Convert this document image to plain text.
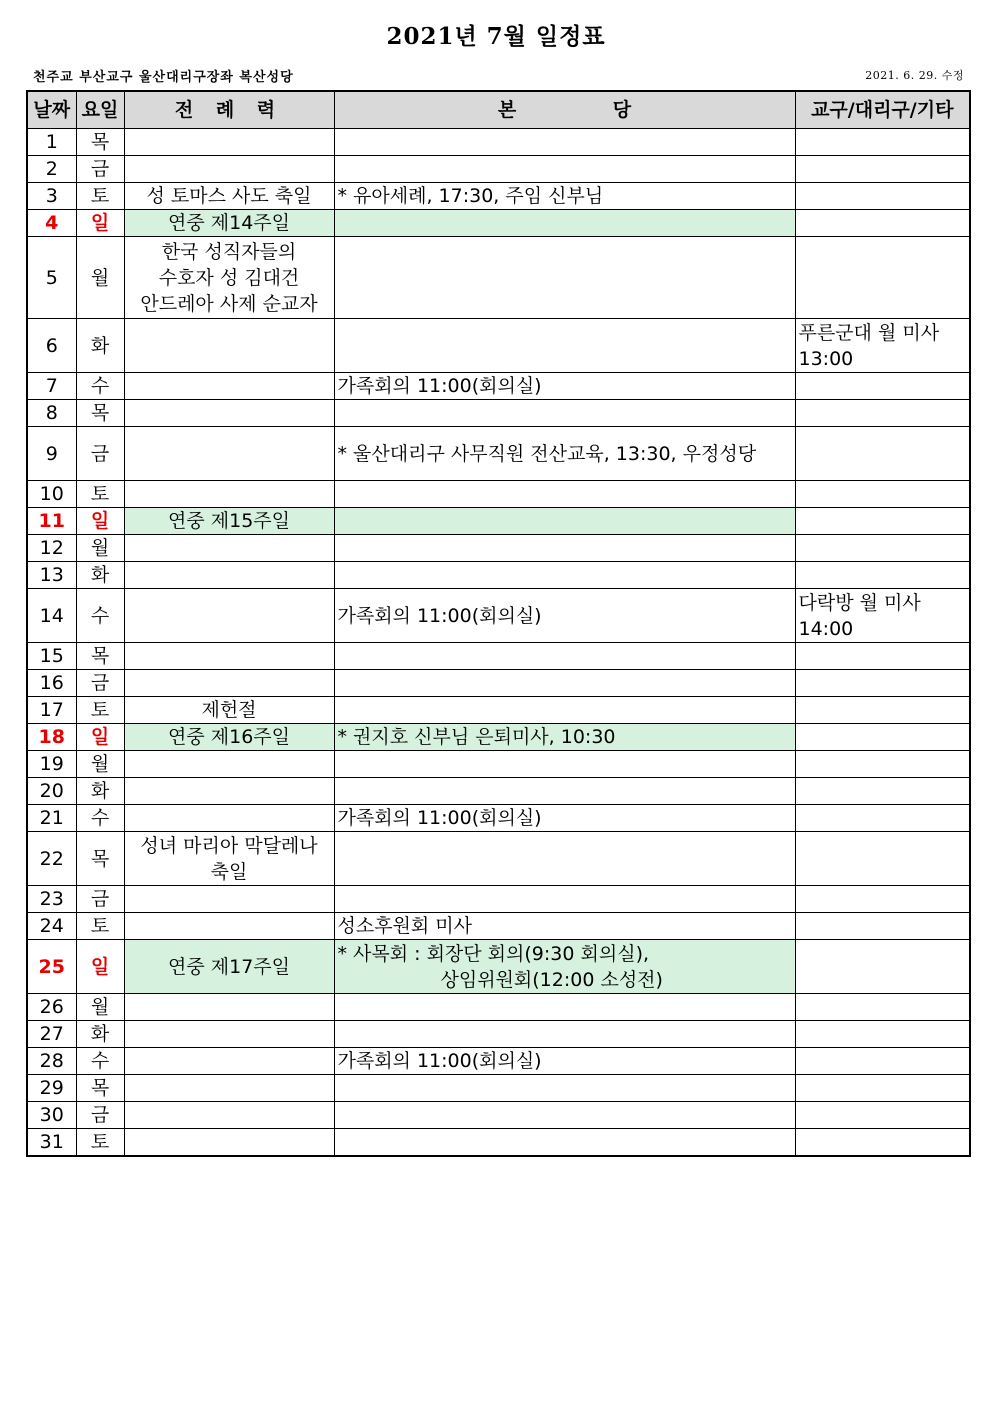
2021년 7월 일정표
천주교 부산교구 울산대리구장좌 복산성당	2021. 6. 29. 수정
날짜	요일	전 례 력	본 당	교구/대리구/기타
1	목			
2	금			
3	토	성 토마스 사도 축일	* 유아세례, 17:30, 주임 신부님	
4	일	연중 제14주일		
5	월	한국 성직자들의
수호자 성 김대건
안드레아 사제 순교자		
6	화			푸른군대 월 미사
13:00
7	수		가족회의 11:00(회의실)	
8	목			
9	금		* 울산대리구 사무직원 전산교육, 13:30, 우정성당	
10	토			
11	일	연중 제15주일		
12	월			
13	화			
14	수		가족회의 11:00(회의실)	다락방 월 미사
14:00
15	목			
16	금			
17	토	제헌절		
18	일	연중 제16주일	* 권지호 신부님 은퇴미사, 10:30	
19	월			
20	화			
21	수		가족회의 11:00(회의실)	
22	목	성녀 마리아 막달레나
축일		
23	금			
24	토		성소후원회 미사	
25	일	연중 제17주일	* 사목회 : 회장단 회의(9:30 회의실),
상임위원회(12:00 소성전)	
26	월			
27	화			
28	수		가족회의 11:00(회의실)	
29	목			
30	금			
31	토			
